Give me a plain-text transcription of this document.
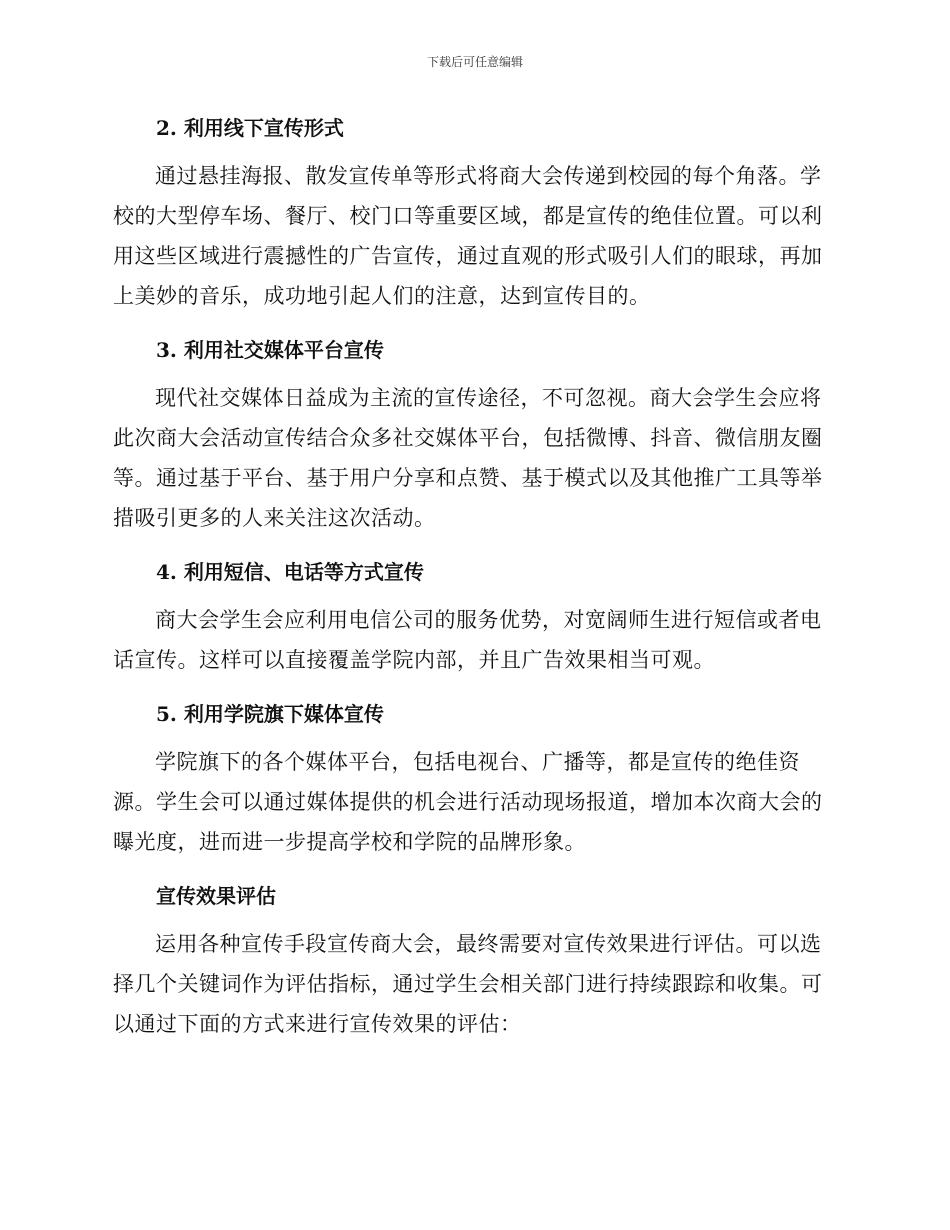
下载后可任意编辑
2. 利用线下宣传形式

通过悬挂海报、散发宣传单等形式将商大会传递到校园的每个角落。学校的大型停车场、餐厅、校门口等重要区域，都是宣传的绝佳位置。可以利用这些区域进行震撼性的广告宣传，通过直观的形式吸引人们的眼球，再加上美妙的音乐，成功地引起人们的注意，达到宣传目的。

3. 利用社交媒体平台宣传

现代社交媒体日益成为主流的宣传途径，不可忽视。商大会学生会应将此次商大会活动宣传结合众多社交媒体平台，包括微博、抖音、微信朋友圈等。通过基于平台、基于用户分享和点赞、基于模式以及其他推广工具等举措吸引更多的人来关注这次活动。

4. 利用短信、电话等方式宣传

商大会学生会应利用电信公司的服务优势，对宽阔师生进行短信或者电话宣传。这样可以直接覆盖学院内部，并且广告效果相当可观。

5. 利用学院旗下媒体宣传

学院旗下的各个媒体平台，包括电视台、广播等，都是宣传的绝佳资源。学生会可以通过媒体提供的机会进行活动现场报道，增加本次商大会的曝光度，进而进一步提高学校和学院的品牌形象。

宣传效果评估

运用各种宣传手段宣传商大会，最终需要对宣传效果进行评估。可以选择几个关键词作为评估指标，通过学生会相关部门进行持续跟踪和收集。可以通过下面的方式来进行宣传效果的评估：
